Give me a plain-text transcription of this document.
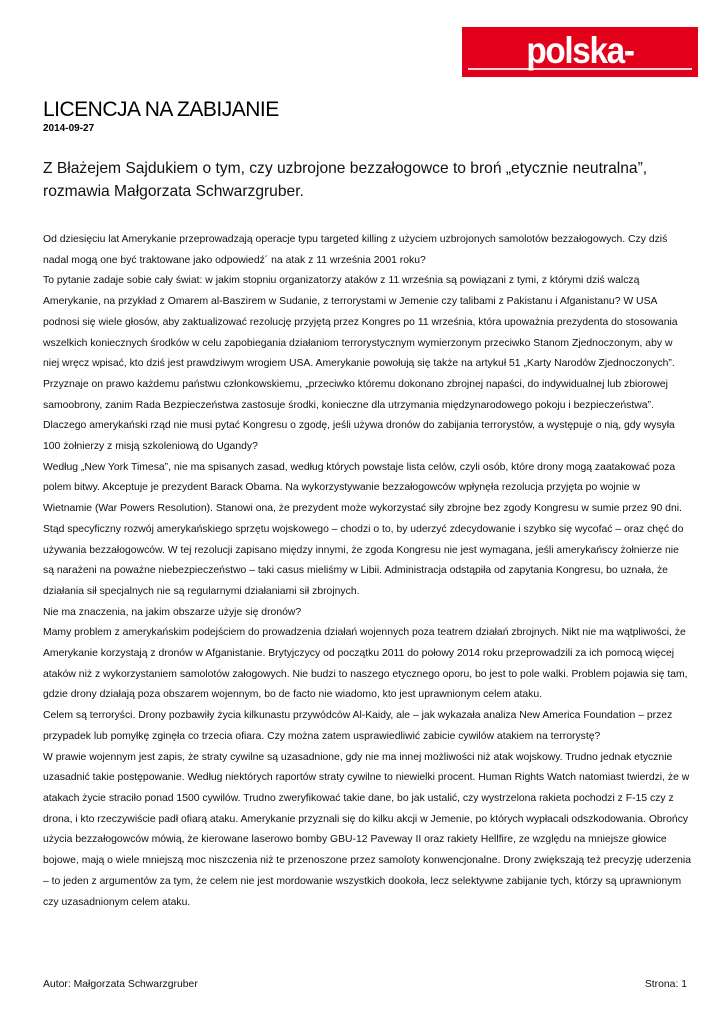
polska-zbrojna.pl
LICENCJA NA ZABIJANIE
2014-09-27

Z Błażejem Sajdukiem o tym, czy uzbrojone bezzałogowce to broń „etycznie neutralna”, rozmawia Małgorzata Schwarzgruber.

Od dziesięciu lat Amerykanie przeprowadzają operacje typu targeted killing z użyciem uzbrojonych samolotów bezzałogowych. Czy dziś nadal mogą one być traktowane jako odpowiedź´ na atak z 11 września 2001 roku?

To pytanie zadaje sobie cały świat: w jakim stopniu organizatorzy ataków z 11 września są powiązani z tymi, z którymi dziś walczą Amerykanie, na przykład z Omarem al-Baszirem w Sudanie, z terrorystami w Jemenie czy talibami z Pakistanu i Afganistanu? W USA podnosi się wiele głosów, aby zaktualizować rezolucję przyjętą przez Kongres po 11 września, która upoważnia prezydenta do stosowania wszelkich koniecznych środków w celu zapobiegania działaniom terrorystycznym wymierzonym przeciwko Stanom Zjednoczonym, aby w niej wręcz wpisać, kto dziś jest prawdziwym wrogiem USA. Amerykanie powołują się także na artykuł 51 „Karty Narodów Zjednoczonych”. Przyznaje on prawo każdemu państwu członkowskiemu, „przeciwko któremu dokonano zbrojnej napaści, do indywidualnej lub zbiorowej samoobrony, zanim Rada Bezpieczeństwa zastosuje środki, konieczne dla utrzymania międzynarodowego pokoju i bezpieczeństwa”.

Dlaczego amerykański rząd nie musi pytać Kongresu o zgodę, jeśli używa dronów do zabijania terrorystów, a występuje o nią, gdy wysyła 100 żołnierzy z misją szkoleniową do Ugandy?

Według „New York Timesa”, nie ma spisanych zasad, według których powstaje lista celów, czyli osób, które drony mogą zaatakować poza polem bitwy. Akceptuje je prezydent Barack Obama. Na wykorzystywanie bezzałogowców wpłynęła rezolucja przyjęta po wojnie w Wietnamie (War Powers Resolution). Stanowi ona, że prezydent może wykorzystać siły zbrojne bez zgody Kongresu w sumie przez 90 dni. Stąd specyficzny rozwój amerykańskiego sprzętu wojskowego – chodzi o to, by uderzyć zdecydowanie i szybko się wycofać – oraz chęć do używania bezzałogowców. W tej rezolucji zapisano między innymi, że zgoda Kongresu nie jest wymagana, jeśli amerykańscy żołnierze nie są narażeni na poważne niebezpieczeństwo – taki casus mieliśmy w Libii. Administracja odstąpiła od zapytania Kongresu, bo uznała, że działania sił specjalnych nie są regularnymi działaniami sił zbrojnych.

Nie ma znaczenia, na jakim obszarze użyje się dronów?

Mamy problem z amerykańskim podejściem do prowadzenia działań wojennych poza teatrem działań zbrojnych. Nikt nie ma wątpliwości, że Amerykanie korzystają z dronów w Afganistanie. Brytyjczycy od początku 2011 do połowy 2014 roku przeprowadzili za ich pomocą więcej ataków niż z wykorzystaniem samolotów załogowych. Nie budzi to naszego etycznego oporu, bo jest to pole walki. Problem pojawia się tam, gdzie drony działają poza obszarem wojennym, bo de facto nie wiadomo, kto jest uprawnionym celem ataku.

Celem są terroryści. Drony pozbawiły życia kilkunastu przywódców Al-Kaidy, ale – jak wykazała analiza New America Foundation – przez przypadek lub pomyłkę zginęła co trzecia ofiara. Czy można zatem usprawiedliwić zabicie cywilów atakiem na terrorystę?

W prawie wojennym jest zapis, że straty cywilne są uzasadnione, gdy nie ma innej możliwości niż atak wojskowy. Trudno jednak etycznie uzasadnić takie postępowanie. Według niektórych raportów straty cywilne to niewielki procent. Human Rights Watch natomiast twierdzi, że w atakach życie straciło ponad 1500 cywilów. Trudno zweryfikować takie dane, bo jak ustalić, czy wystrzelona rakieta pochodzi z F-15 czy z drona, i kto rzeczywiście padł ofiarą ataku. Amerykanie przyznali się do kilku akcji w Jemenie, po których wypłacali odszkodowania. Obrońcy użycia bezzałogowców mówią, że kierowane laserowo bomby GBU-12 Paveway II oraz rakiety Hellfire, ze względu na mniejsze głowice bojowe, mają o wiele mniejszą moc niszczenia niż te przenoszone przez samoloty konwencjonalne. Drony zwiększają też precyzję uderzenia – to jeden z argumentów za tym, że celem nie jest mordowanie wszystkich dookoła, lecz selektywne zabijanie tych, którzy są uprawnionym czy uzasadnionym celem ataku.

Autor: Małgorzata Schwarzgruber	Strona: 1
